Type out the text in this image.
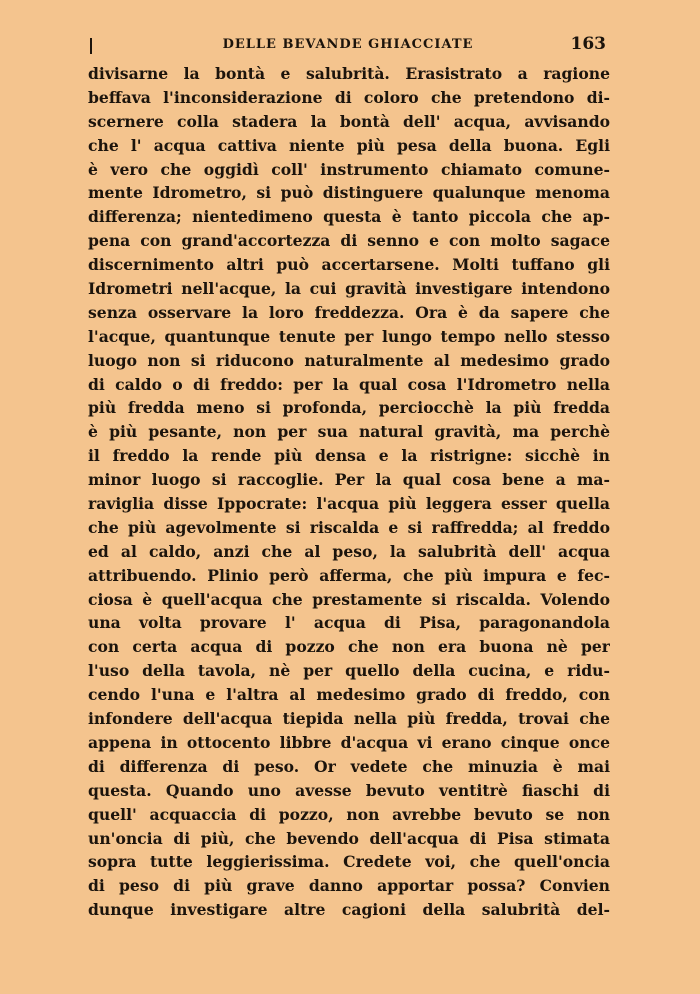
DELLE BEVANDE GHIACCIATE	163
divisarne la bontà e salubrità. Erasistrato a ragione
beffava l'inconsiderazione di coloro che pretendono di-
scernere colla stadera la bontà dell' acqua, avvisando
che l' acqua cattiva niente più pesa della buona. Egli
è vero che oggidì coll' instrumento chiamato comune-
mente Idrometro, si può distinguere qualunque menoma
differenza; nientedimeno questa è tanto piccola che ap-
pena con grand'accortezza di senno e con molto sagace
discernimento altri può accertarsene. Molti tuffano gli
Idrometri nell'acque, la cui gravità investigare intendono
senza osservare la loro freddezza. Ora è da sapere che
l'acque, quantunque tenute per lungo tempo nello stesso
luogo non si riducono naturalmente al medesimo grado
di caldo o di freddo: per la qual cosa l'Idrometro nella
più fredda meno si profonda, perciocchè la più fredda
è più pesante, non per sua natural gravità, ma perchè
il freddo la rende più densa e la ristrigne: sicchè in
minor luogo si raccoglie. Per la qual cosa bene a ma-
raviglia disse Ippocrate: l'acqua più leggera esser quella
che più agevolmente si riscalda e si raffredda; al freddo
ed al caldo, anzi che al peso, la salubrità dell' acqua
attribuendo. Plinio però afferma, che più impura e fec-
ciosa è quell'acqua che prestamente si riscalda. Volendo
una volta provare l' acqua di Pisa, paragonandola
con certa acqua di pozzo che non era buona nè per
l'uso della tavola, nè per quello della cucina, e ridu-
cendo l'una e l'altra al medesimo grado di freddo, con
infondere dell'acqua tiepida nella più fredda, trovai che
appena in ottocento libbre d'acqua vi erano cinque once
di differenza di peso. Or vedete che minuzia è mai
questa. Quando uno avesse bevuto ventitrè fiaschi di
quell' acquaccia di pozzo, non avrebbe bevuto se non
un'oncia di più, che bevendo dell'acqua di Pisa stimata
sopra tutte leggierissima. Credete voi, che quell'oncia
di peso di più grave danno apportar possa? Convien
dunque investigare altre cagioni della salubrità del-
